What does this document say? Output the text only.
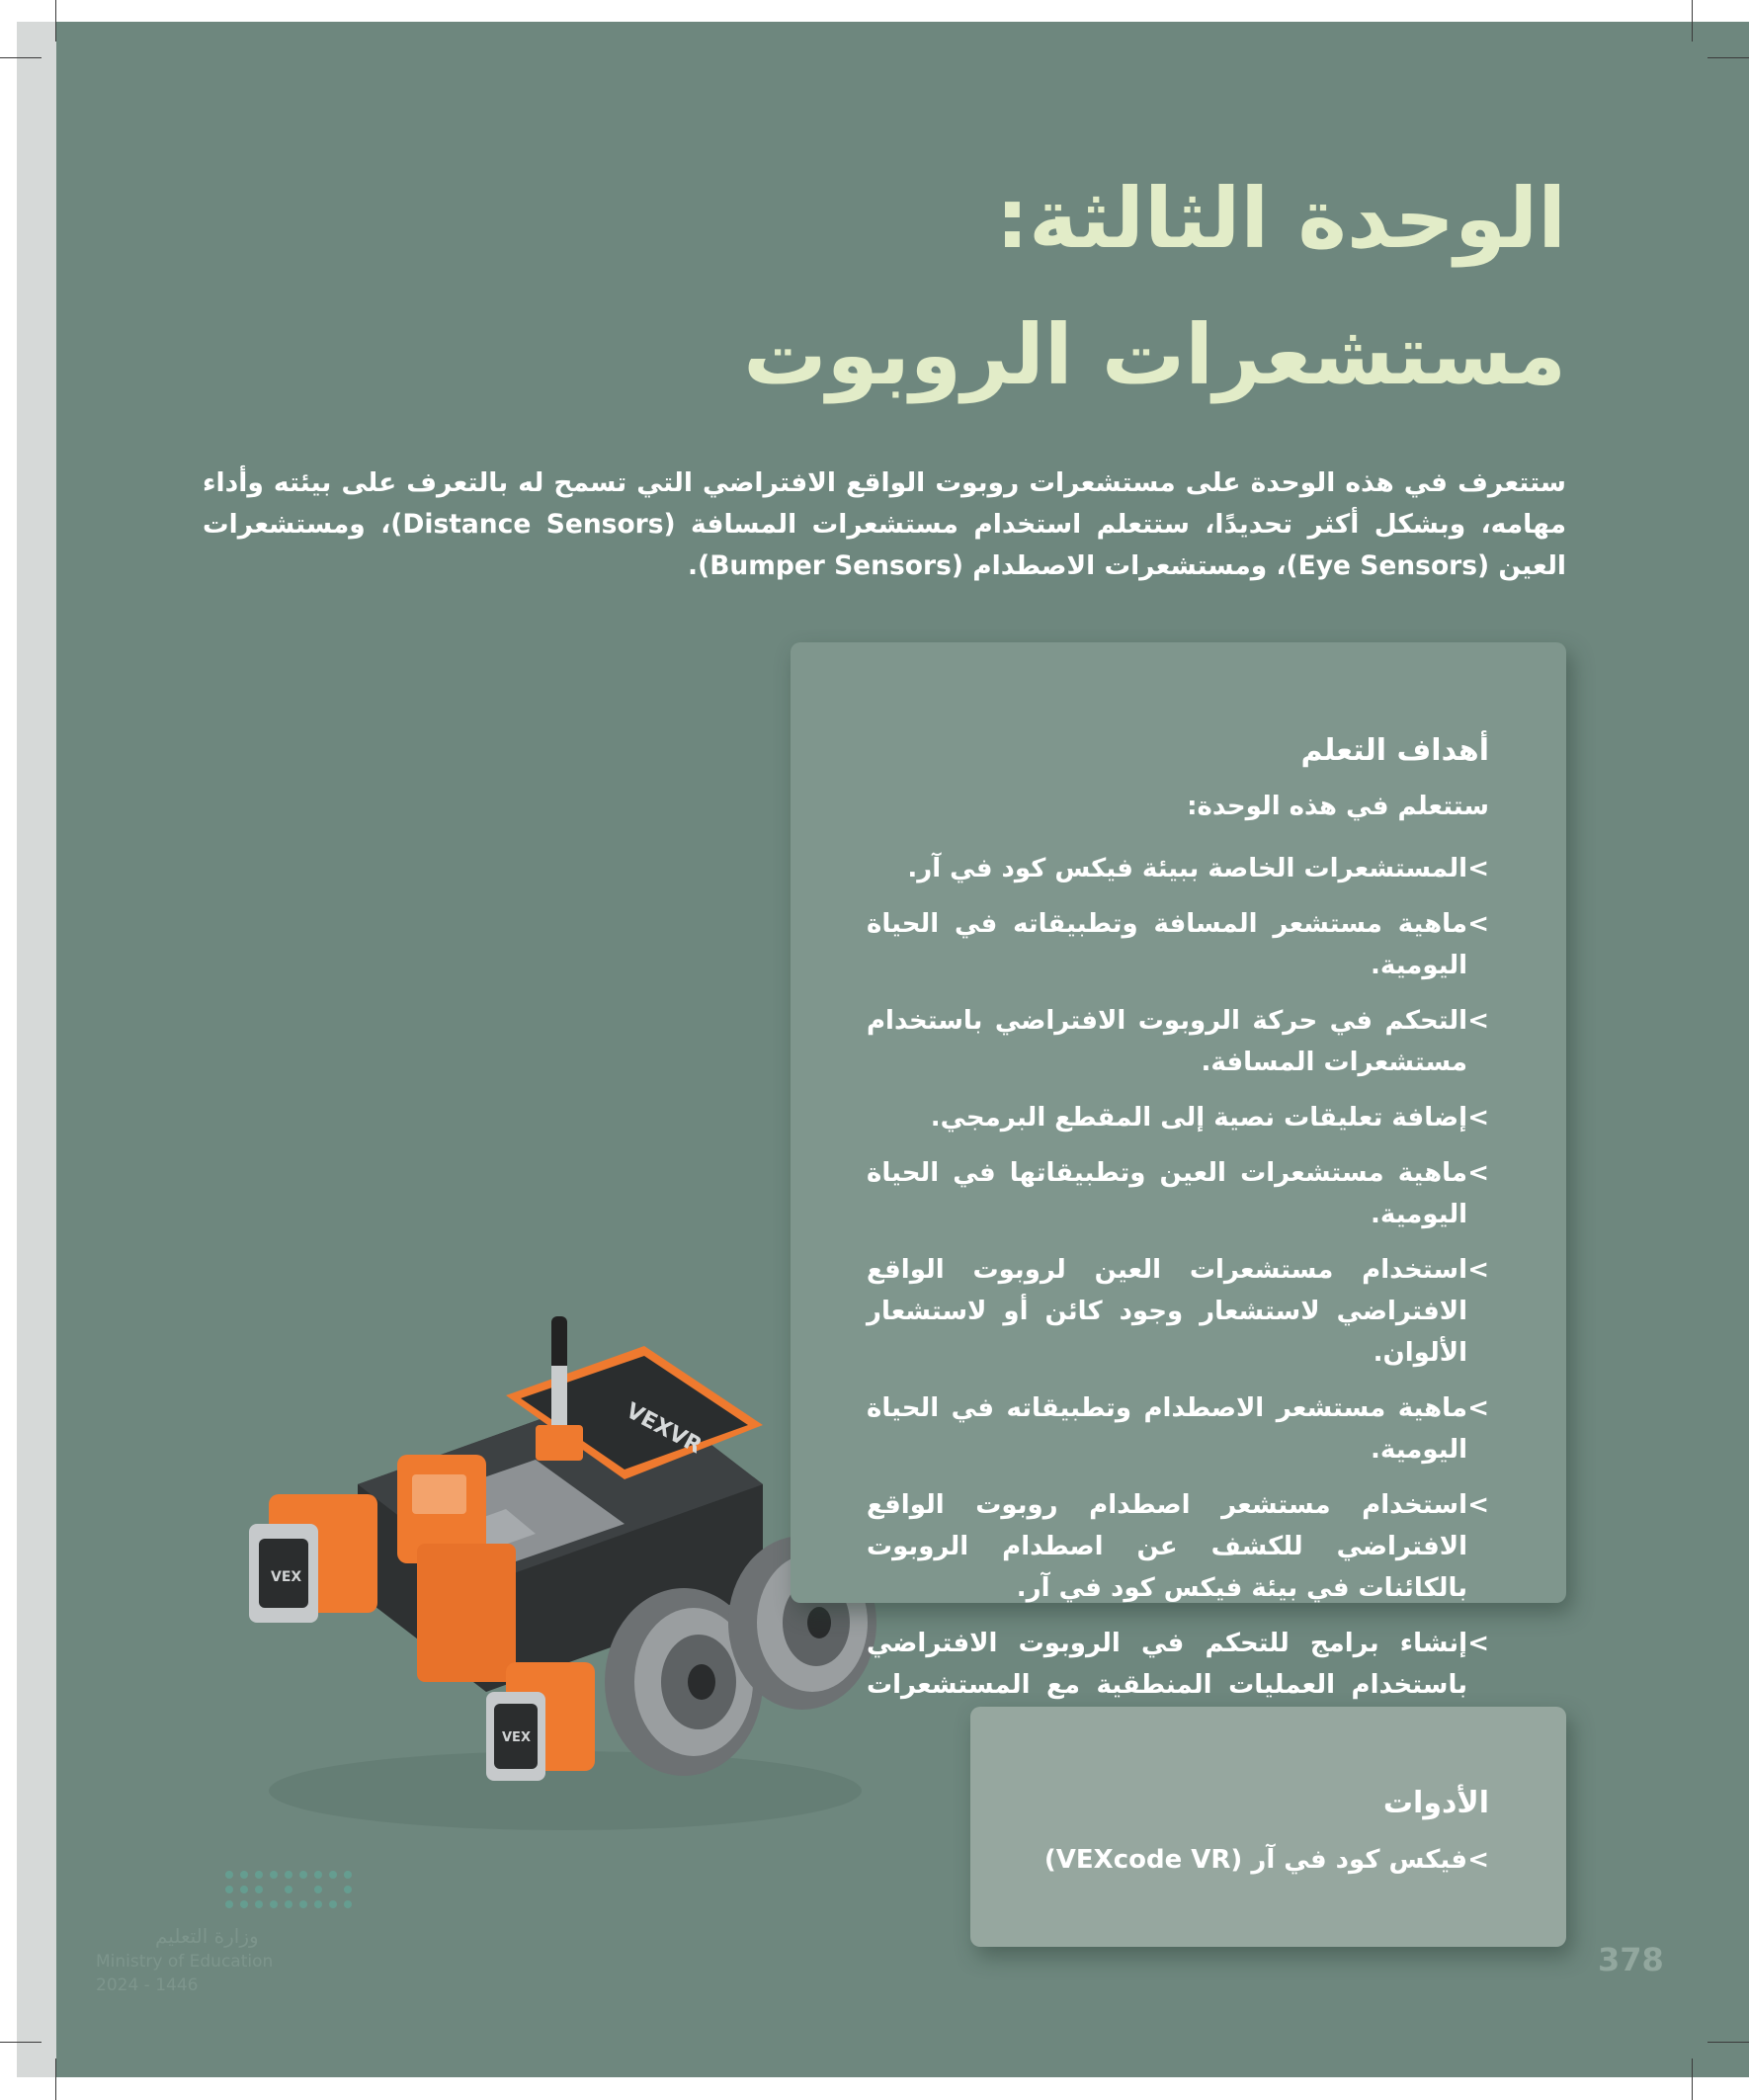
الوحدة الثالثة:
مستشعرات الروبوت

ستتعرف في هذه الوحدة على مستشعرات روبوت الواقع الافتراضي التي تسمح له بالتعرف على بيئته وأداء مهامه، وبشكل أكثر تحديدًا، ستتعلم استخدام مستشعرات المسافة (Distance Sensors)، ومستشعرات العين (Eye Sensors)، ومستشعرات الاصطدام (Bumper Sensors).

VEXVR
VEX
VEX
أهداف التعلم
ستتعلم في هذه الوحدة:
>
المستشعرات الخاصة ببيئة فيكس كود في آر.
>
ماهية مستشعر المسافة وتطبيقاته في الحياة اليومية.
>
التحكم في حركة الروبوت الافتراضي باستخدام مستشعرات المسافة.
>
إضافة تعليقات نصية إلى المقطع البرمجي.
>
ماهية مستشعرات العين وتطبيقاتها في الحياة اليومية.
>
استخدام مستشعرات العين لروبوت الواقع الافتراضي لاستشعار وجود كائن أو لاستشعار الألوان.
>
ماهية مستشعر الاصطدام وتطبيقاته في الحياة اليومية.
>
استخدام مستشعر اصطدام روبوت الواقع الافتراضي للكشف عن اصطدام الروبوت بالكائنات في بيئة فيكس كود في آر.
>
إنشاء برامج للتحكم في الروبوت الافتراضي باستخدام العمليات المنطقية مع المستشعرات
الأدوات
>
فيكس كود في آر (VEXcode VR)
وزارة التعليم
Ministry of Education
2024 - 1446
378
